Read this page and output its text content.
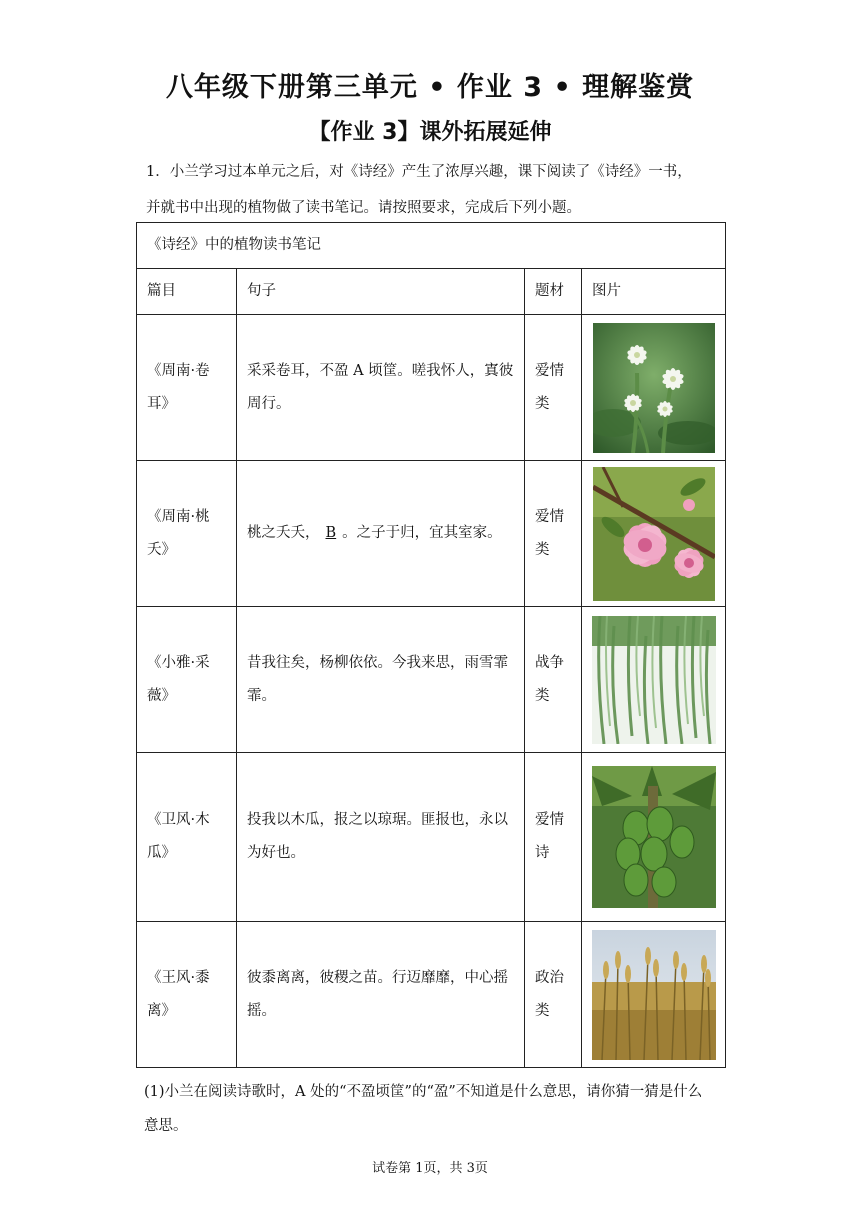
八年级下册第三单元 • 作业 3 • 理解鉴赏
【作业 3】课外拓展延伸
1．小兰学习过本单元之后，对《诗经》产生了浓厚兴趣，课下阅读了《诗经》一书，
并就书中出现的植物做了读书笔记。请按照要求，完成后下列小题。
《诗经》中的植物读书笔记			
篇目	句子	题材	图片
《周南·卷耳》	采采卷耳，不盈 A 顷筐。嗟我怀人，寘彼周行。	爱情类	

《周南·桃夭》	桃之夭夭， B 。之子于归，宜其室家。	爱情类	

《小雅·采薇》	昔我往矣，杨柳依依。今我来思，雨雪霏霏。	战争类	

《卫风·木瓜》	投我以木瓜，报之以琼琚。匪报也，永以为好也。	爱情诗	

《王风·黍离》	彼黍离离，彼稷之苗。行迈靡靡，中心摇摇。	政治类	
(1)小兰在阅读诗歌时，A 处的“不盈顷筐”的“盈”不知道是什么意思，请你猜一猜是什么
意思。
试卷第 1页，共 3页
